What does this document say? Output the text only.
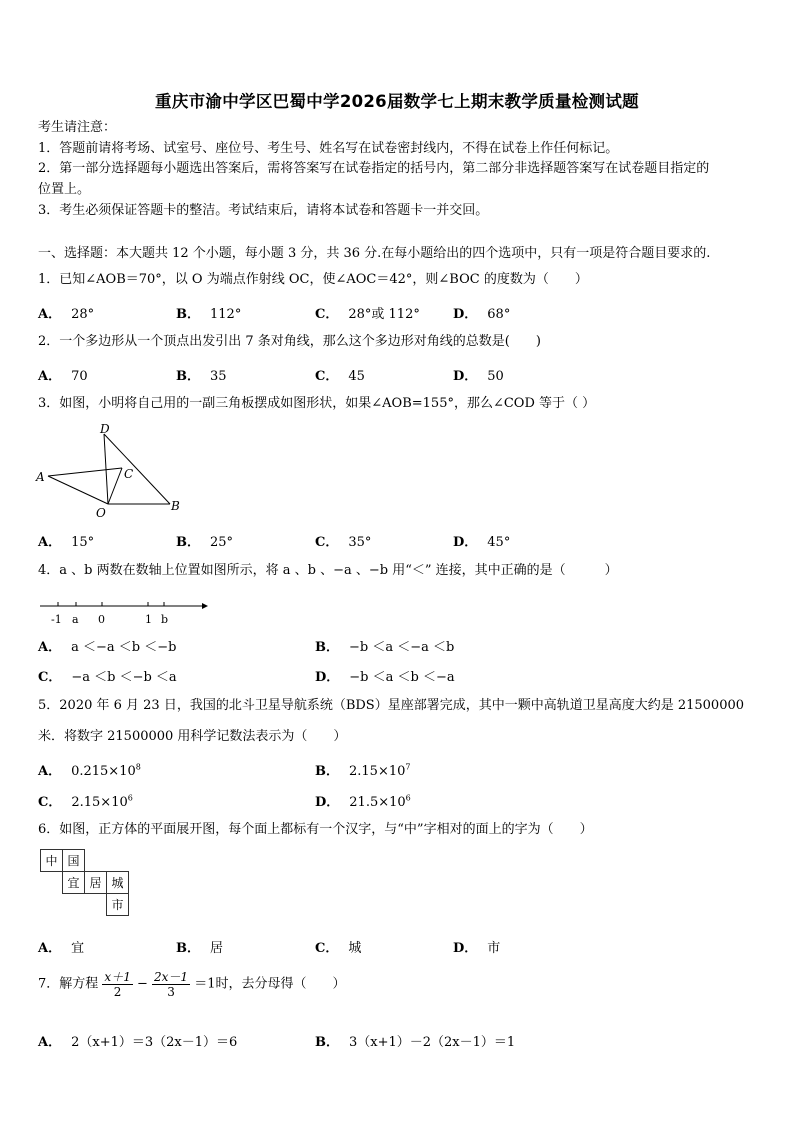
重庆市渝中学区巴蜀中学2026届数学七上期末教学质量检测试题
考生请注意：
1．答题前请将考场、试室号、座位号、考生号、姓名写在试卷密封线内，不得在试卷上作任何标记。
2．第一部分选择题每小题选出答案后，需将答案写在试卷指定的括号内，第二部分非选择题答案写在试卷题目指定的
位置上。
3．考生必须保证答题卡的整洁。考试结束后，请将本试卷和答题卡一并交回。
一、选择题：本大题共 12 个小题，每小题 3 分，共 36 分.在每小题给出的四个选项中，只有一项是符合题目要求的.
1．已知∠AOB＝70°，以 O 为端点作射线 OC，使∠AOC＝42°，则∠BOC 的度数为（　　）
A． 28°	B． 112°	C． 28°或 112°	D． 68°
2．一个多边形从一个顶点出发引出 7 条对角线，那么这个多边形对角线的总数是(　　)
A． 70	B． 35	C． 45	D． 50
3．如图，小明将自己用的一副三角板摆成如图形状，如果∠AOB=155°，那么∠COD 等于（ ）
D
A	C
O	B
A． 15°	B． 25°	C． 35°	D． 45°
4．a 、b 两数在数轴上位置如图所示，将 a 、b 、−a 、−b 用“＜” 连接，其中正确的是（　　　）
-1 a 0	1 b
A． a ＜−a ＜b ＜−b	B． −b ＜a ＜−a ＜b
C． −a ＜b ＜−b ＜a	D． −b ＜a ＜b ＜−a
5．2020 年 6 月 23 日，我国的北斗卫星导航系统（BDS）星座部署完成，其中一颗中高轨道卫星高度大约是 21500000
米．将数字 21500000 用科学记数法表示为（　　）
A． $0.215\times 10^8$	B． $2.15\times 10^7$
C． $2.15\times 10^6$	D． $21.5\times 10^6$
6．如图，正方体的平面展开图，每个面上都标有一个汉字，与“中”字相对的面上的字为（　　）
中	国		
	宜	居	城
			市
A． 宜	B． 居	C． 城	D． 市
7．解方程 $\frac{x+1}{2} - \frac{2x-1}{3} =1$时，去分母得（　　）
A． 2（x+1）＝3（2x－1）＝6	B． 3（x+1）－2（2x－1）＝1
